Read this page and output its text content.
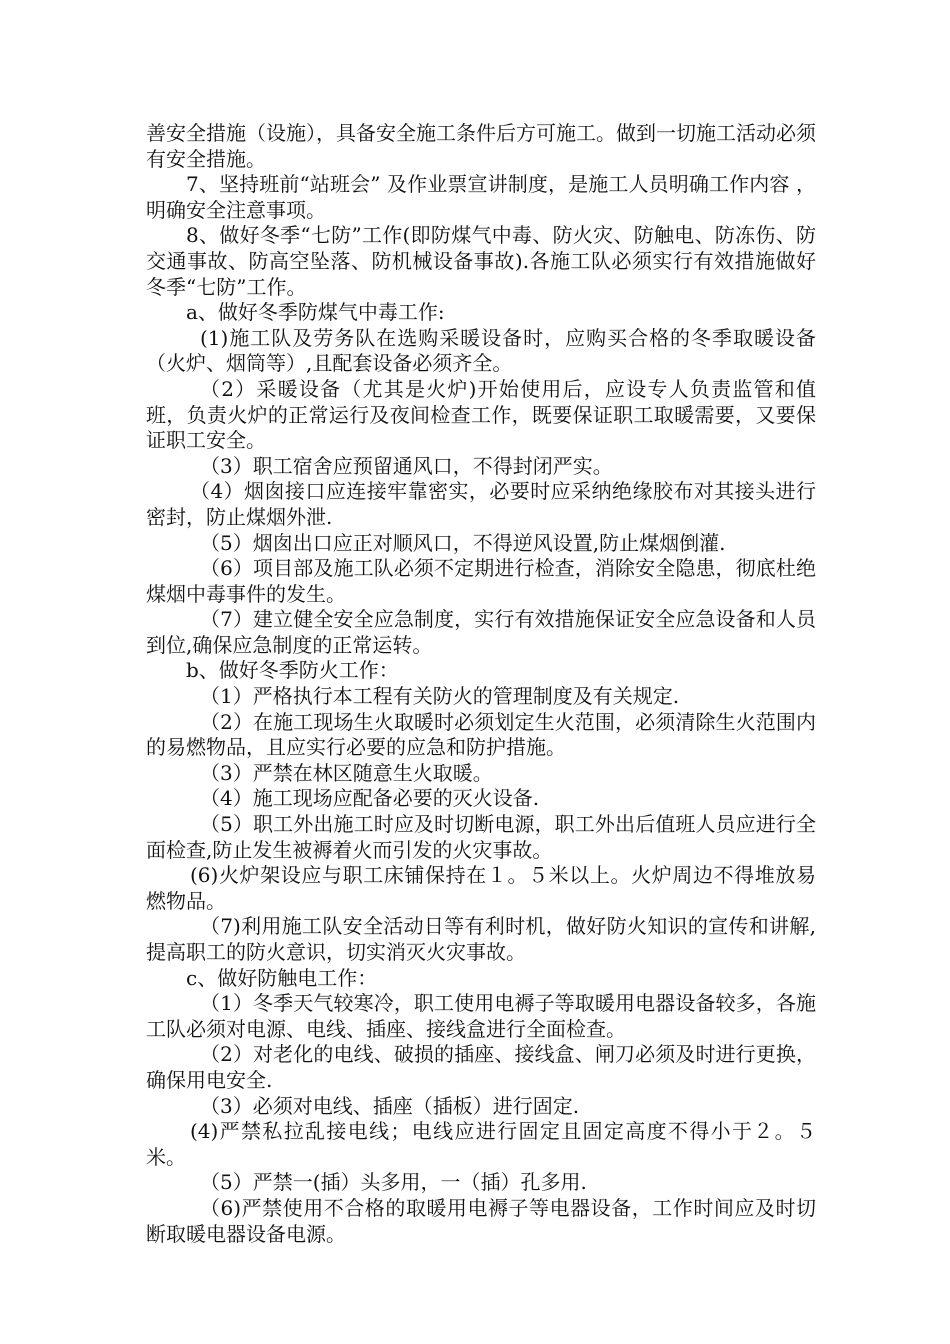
善安全措施（设施），具备安全施工条件后方可施工。做到一切施工活动必须有安全措施。

7、坚持班前“站班会” 及作业票宣讲制度，是施工人员明确工作内容 ，明确安全注意事项。

8、做好冬季“七防”工作(即防煤气中毒、防火灾、防触电、防冻伤、防交通事故、防高空坠落、防机械设备事故).各施工队必须实行有效措施做好冬季“七防”工作。

a、做好冬季防煤气中毒工作:

(1)施工队及劳务队在选购采暖设备时，应购买合格的冬季取暖设备（火炉、烟筒等）,且配套设备必须齐全。

（2）采暖设备（尤其是火炉)开始使用后，应设专人负责监管和值班，负责火炉的正常运行及夜间检查工作，既要保证职工取暖需要，又要保证职工安全。

（3）职工宿舍应预留通风口，不得封闭严实。

（4）烟囱接口应连接牢靠密实，必要时应采纳绝缘胶布对其接头进行密封，防止煤烟外泄.

（5）烟囱出口应正对顺风口，不得逆风设置,防止煤烟倒灌.

（6）项目部及施工队必须不定期进行检查，消除安全隐患，彻底杜绝煤烟中毒事件的发生。

（7）建立健全安全应急制度，实行有效措施保证安全应急设备和人员到位,确保应急制度的正常运转。

b、做好冬季防火工作：

（1）严格执行本工程有关防火的管理制度及有关规定.

（2）在施工现场生火取暖时必须划定生火范围，必须清除生火范围内的易燃物品，且应实行必要的应急和防护措施。

（3）严禁在林区随意生火取暖。

（4）施工现场应配备必要的灭火设备.

（5）职工外出施工时应及时切断电源，职工外出后值班人员应进行全面检查,防止发生被褥着火而引发的火灾事故。

(6)火炉架设应与职工床铺保持在１。５米以上。火炉周边不得堆放易燃物品。

（7)利用施工队安全活动日等有利时机，做好防火知识的宣传和讲解,提高职工的防火意识，切实消灭火灾事故。

c、做好防触电工作：

（1）冬季天气较寒冷，职工使用电褥子等取暖用电器设备较多，各施工队必须对电源、电线、插座、接线盒进行全面检查。

（2）对老化的电线、破损的插座、接线盒、闸刀必须及时进行更换，确保用电安全.

（3）必须对电线、插座（插板）进行固定.

(4)严禁私拉乱接电线；电线应进行固定且固定高度不得小于２。５米。

（5）严禁一(插）头多用，一（插）孔多用.

（6)严禁使用不合格的取暖用电褥子等电器设备，工作时间应及时切断取暖电器设备电源。
